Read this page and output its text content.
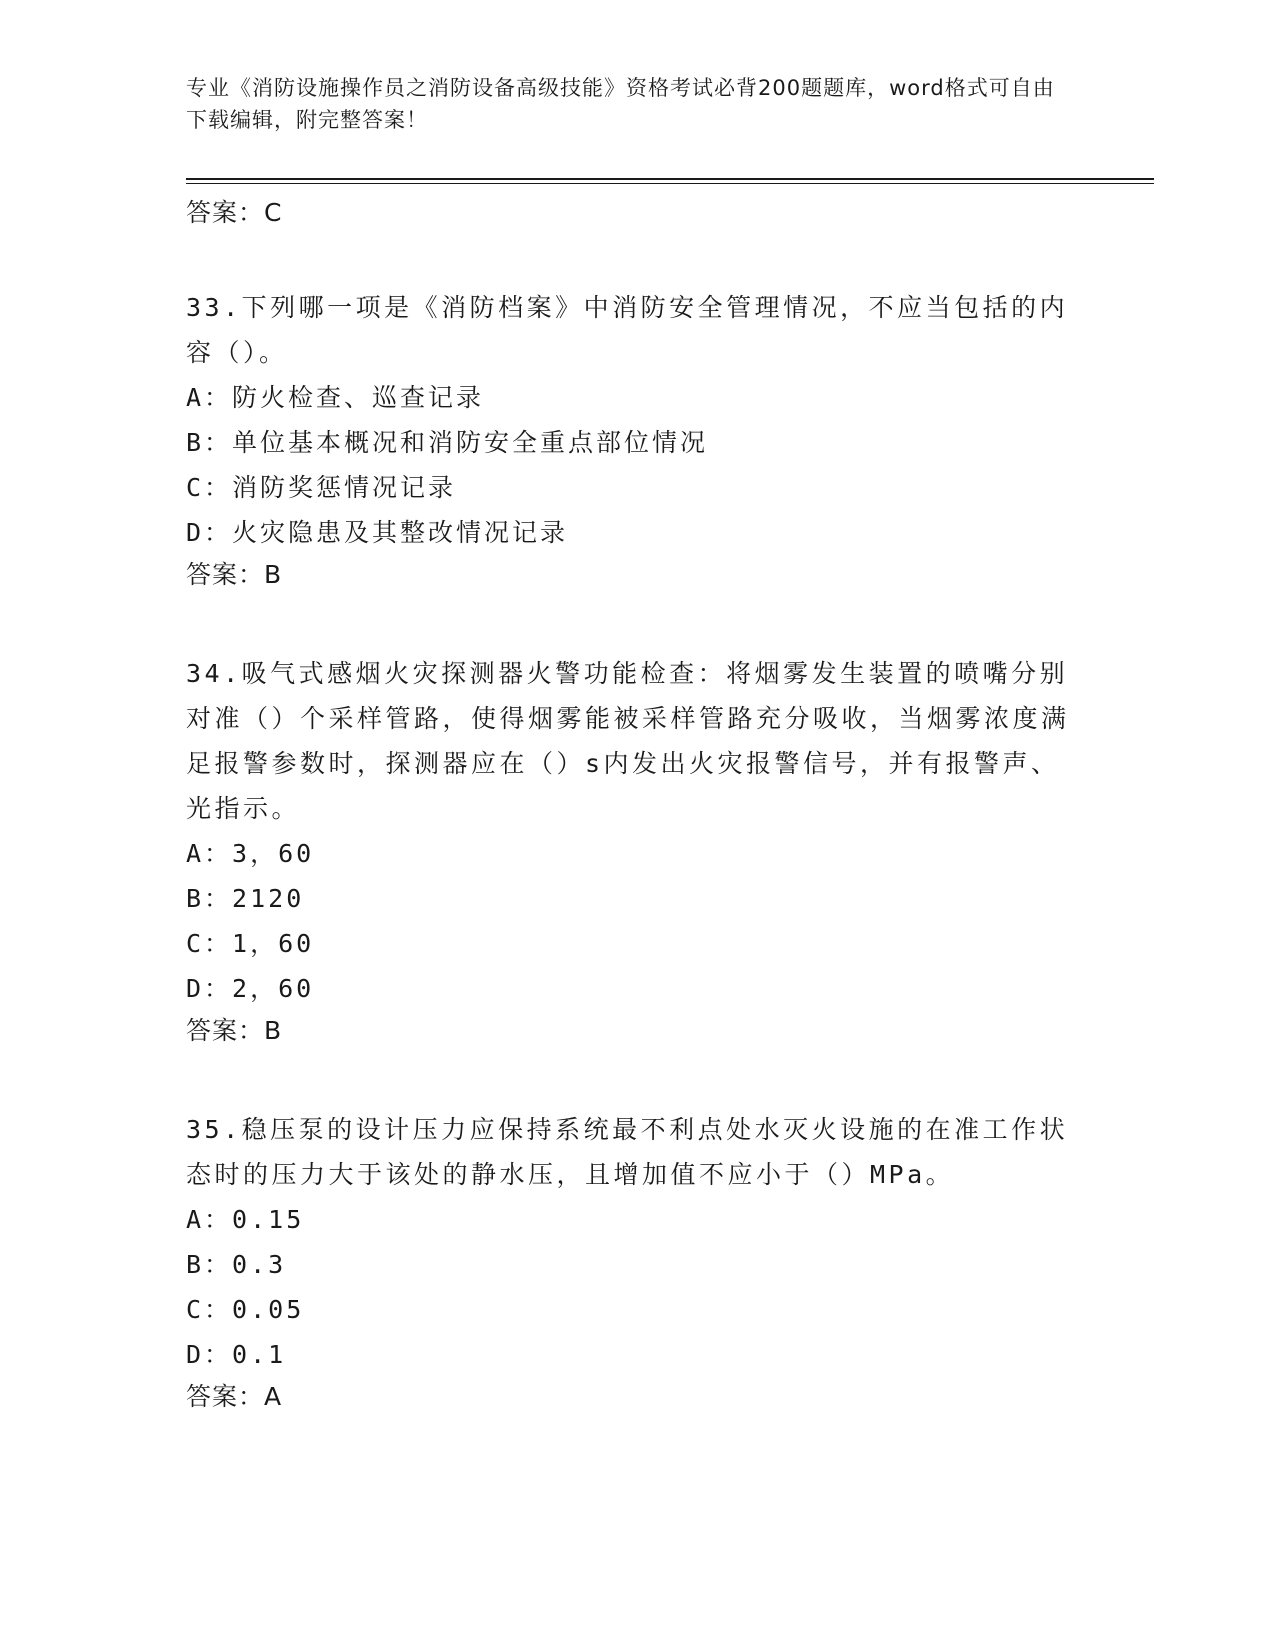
专业《消防设施操作员之消防设备高级技能》资格考试必背200题题库，word格式可自由下载编辑，附完整答案！
答案：C
33.下列哪一项是《消防档案》中消防安全管理情况，不应当包括的内容（）。
A：防火检查、巡查记录
B：单位基本概况和消防安全重点部位情况
C：消防奖惩情况记录
D：火灾隐患及其整改情况记录
答案：B
34.吸气式感烟火灾探测器火警功能检查：将烟雾发生装置的喷嘴分别对准（）个采样管路，使得烟雾能被采样管路充分吸收，当烟雾浓度满足报警参数时，探测器应在（）s内发出火灾报警信号，并有报警声、光指示。
A：3，60
B：2120
C：1，60
D：2，60
答案：B
35.稳压泵的设计压力应保持系统最不利点处水灭火设施的在准工作状态时的压力大于该处的静水压，且增加值不应小于（）MPa。
A：0.15
B：0.3
C：0.05
D：0.1
答案：A
